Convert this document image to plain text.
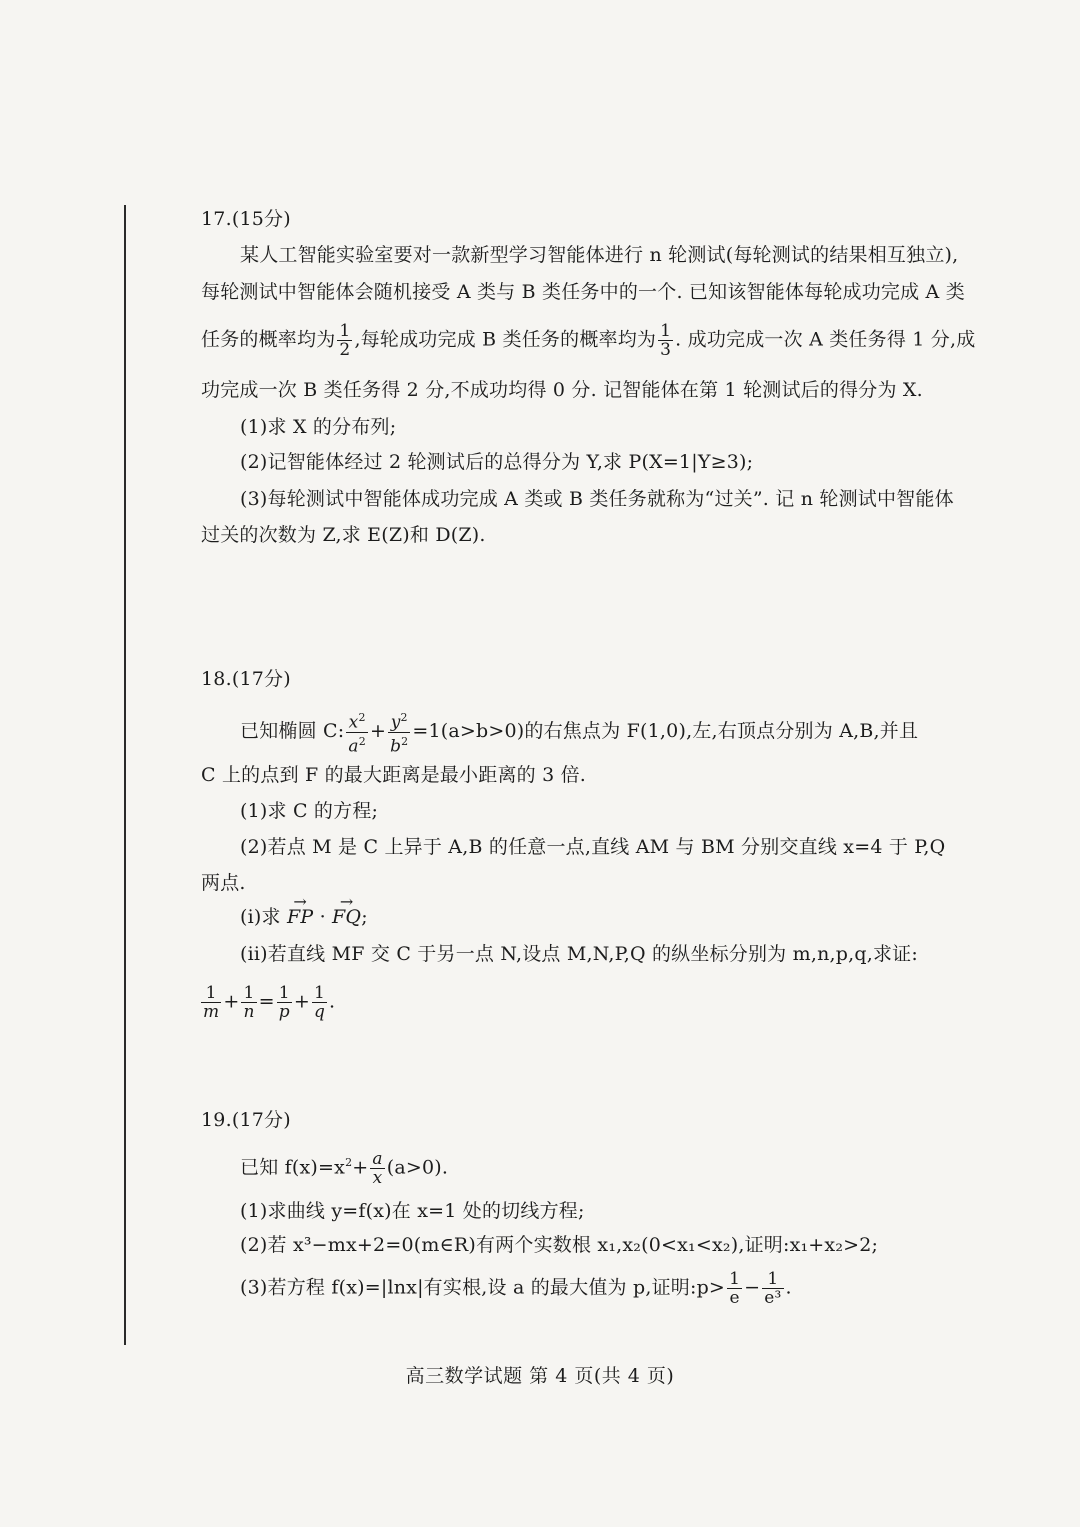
17.(15分)
某人工智能实验室要对一款新型学习智能体进行 n 轮测试(每轮测试的结果相互独立),
每轮测试中智能体会随机接受 A 类与 B 类任务中的一个. 已知该智能体每轮成功完成 A 类
任务的概率均为 $\frac{1}{2}$ ,每轮成功完成 B 类任务的概率均为 $\frac{1}{3}$ . 成功完成一次 A 类任务得 1 分,成
功完成一次 B 类任务得 2 分,不成功均得 0 分. 记智能体在第 1 轮测试后的得分为 X.
(1)求 X 的分布列;
(2)记智能体经过 2 轮测试后的总得分为 Y,求 P(X=1|Y≥3);
(3)每轮测试中智能体成功完成 A 类或 B 类任务就称为“过关”. 记 n 轮测试中智能体
过关的次数为 Z,求 E(Z)和 D(Z).
18.(17分)
已知椭圆 C: $\frac{x^2}{a^2} + \frac{y^2}{b^2} =1(a>b>0)$的右焦点为 F(1,0),左,右顶点分别为 A,B,并且
C 上的点到 F 的最大距离是最小距离的 3 倍.
(1)求 C 的方程;
(2)若点 M 是 C 上异于 A,B 的任意一点,直线 AM 与 BM 分别交直线 x=4 于 P,Q
两点.
(i)求 → FP · → FQ;
(ii)若直线 MF 交 C 于另一点 N,设点 M,N,P,Q 的纵坐标分别为 m,n,p,q,求证:
$\frac{1}{m} + \frac{1}{n} = \frac{1}{p} + \frac{1}{q}$ .
19.(17分)
已知 $f(x)=x^2+ \frac{a}{x} (a>0)$.
(1)求曲线 y=f(x)在 x=1 处的切线方程;
(2)若 x³−mx+2=0(m∈R)有两个实数根 x₁,x₂(0<x₁<x₂),证明:x₁+x₂>2;
(3)若方程 f(x)=|lnx|有实根,设 a 的最大值为 p,证明:p> $\frac{1}{e} - \frac{1}{\text{e³}}$ .
高三数学试题 第 4 页(共 4 页)
